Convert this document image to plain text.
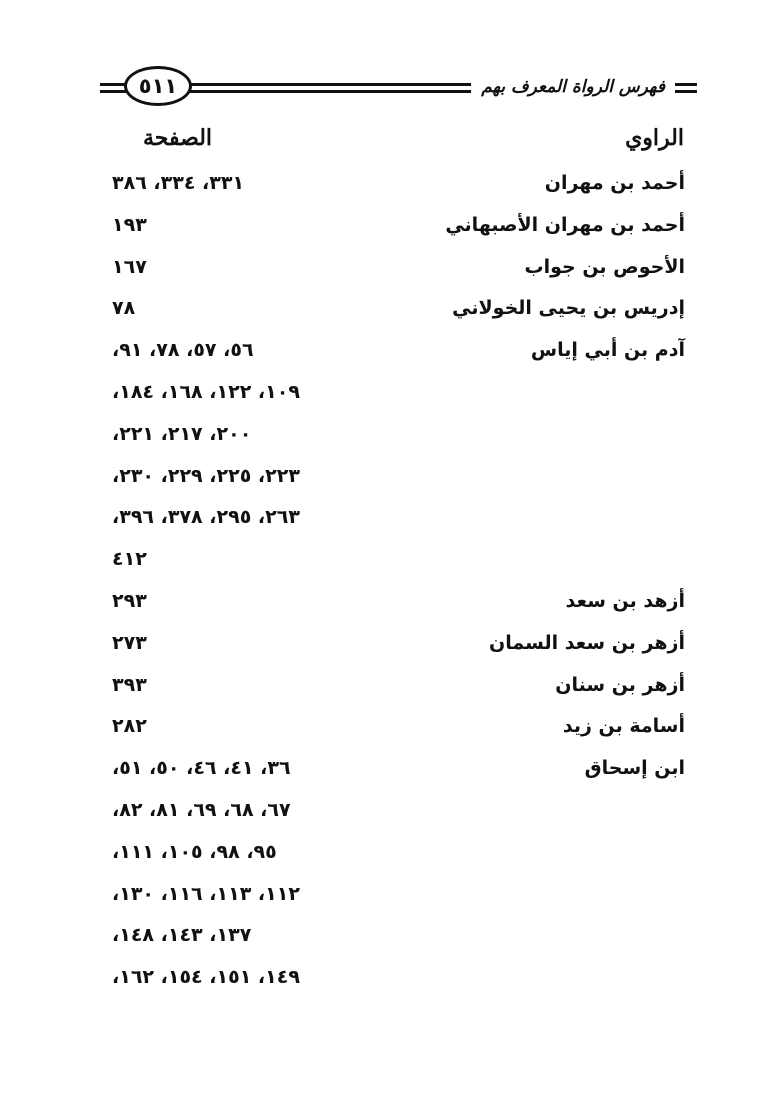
فهرس الرواة المعرف بهم
٥١١
الراوي
الصفحة
أحمد بن مهران
٣٣١، ٣٣٤، ٣٨٦
أحمد بن مهران الأصبهاني
١٩٣
الأحوص بن جواب
١٦٧
إدريس بن يحيى الخولاني
٧٨
آدم بن أبي إياس
٥٦، ٥٧، ٧٨، ٩١،
١٠٩، ١٢٢، ١٦٨، ١٨٤،
٢٠٠، ٢١٧، ٢٢١،
٢٢٣، ٢٢٥، ٢٢٩، ٢٣٠،
٢٦٣، ٢٩٥، ٣٧٨، ٣٩٦،
٤١٢
أزهد بن سعد
٢٩٣
أزهر بن سعد السمان
٢٧٣
أزهر بن سنان
٣٩٣
أسامة بن زيد
٢٨٢
ابن إسحاق
٣٦، ٤١، ٤٦، ٥٠، ٥١،
٦٧، ٦٨، ٦٩، ٨١، ٨٢،
٩٥، ٩٨، ١٠٥، ١١١،
١١٢، ١١٣، ١١٦، ١٣٠،
١٣٧، ١٤٣، ١٤٨،
١٤٩، ١٥١، ١٥٤، ١٦٢،
